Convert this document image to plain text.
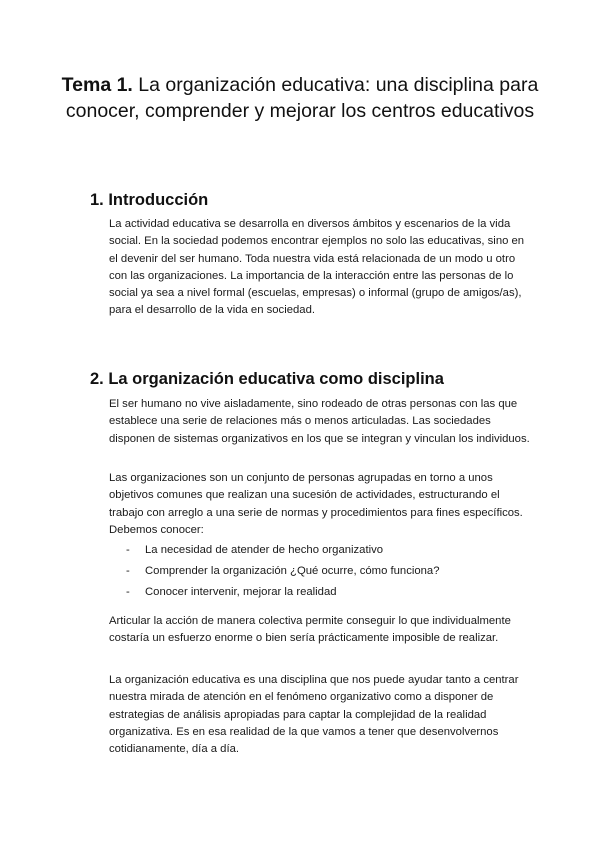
Tema 1. La organización educativa: una disciplina para conocer, comprender y mejorar los centros educativos
1. Introducción
La actividad educativa se desarrolla en diversos ámbitos y escenarios de la vida social. En la sociedad podemos encontrar ejemplos no solo las educativas, sino en el devenir del ser humano. Toda nuestra vida está relacionada de un modo u otro con las organizaciones. La importancia de la interacción entre las personas de lo social ya sea a nivel formal (escuelas, empresas) o informal (grupo de amigos/as), para el desarrollo de la vida en sociedad.
2. La organización educativa como disciplina
El ser humano no vive aisladamente, sino rodeado de otras personas con las que establece una serie de relaciones más o menos articuladas. Las sociedades disponen de sistemas organizativos en los que se integran y vinculan los individuos.
Las organizaciones son un conjunto de personas agrupadas en torno a unos objetivos comunes que realizan una sucesión de actividades, estructurando el trabajo con arreglo a una serie de normas y procedimientos para fines específicos. Debemos conocer:
- La necesidad de atender de hecho organizativo
- Comprender la organización ¿Qué ocurre, cómo funciona?
- Conocer intervenir, mejorar la realidad
Articular la acción de manera colectiva permite conseguir lo que individualmente costaría un esfuerzo enorme o bien sería prácticamente imposible de realizar.
La organización educativa es una disciplina que nos puede ayudar tanto a centrar nuestra mirada de atención en el fenómeno organizativo como a disponer de estrategias de análisis apropiadas para captar la complejidad de la realidad organizativa. Es en esa realidad de la que vamos a tener que desenvolvernos cotidianamente, día a día.
